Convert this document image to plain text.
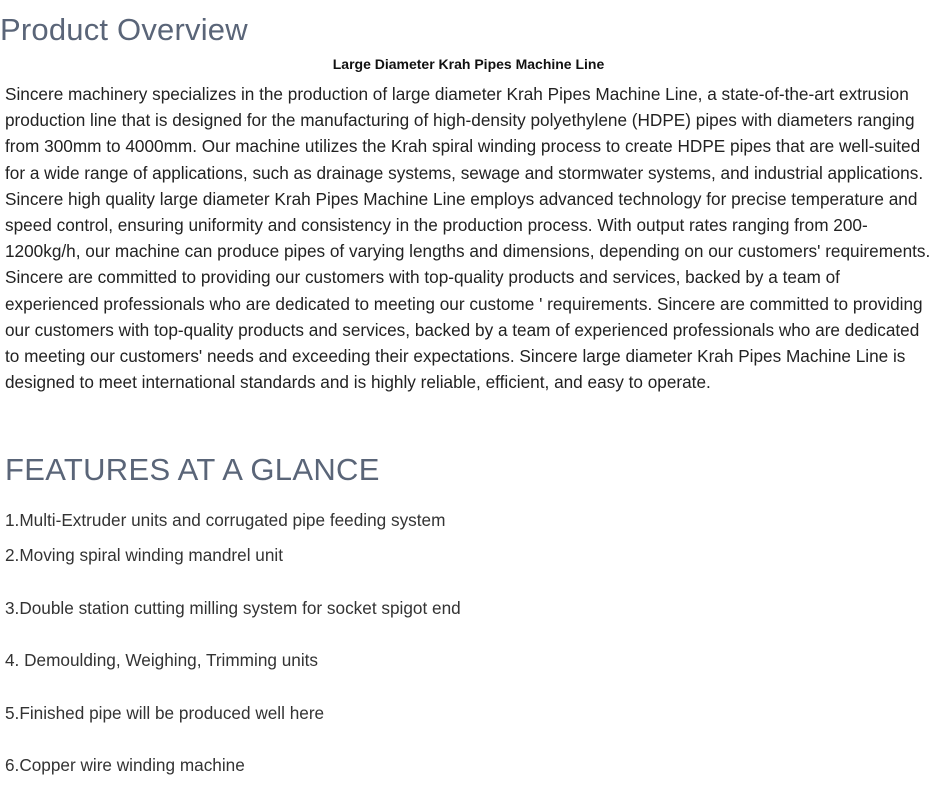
Product Overview
Large Diameter Krah Pipes Machine Line

Sincere machinery specializes in the production of large diameter Krah Pipes Machine Line, a state-of-the-art extrusion production line that is designed for the manufacturing of high-density polyethylene (HDPE) pipes with diameters ranging from 300mm to 4000mm. Our machine utilizes the Krah spiral winding process to create HDPE pipes that are well-suited for a wide range of applications, such as drainage systems, sewage and stormwater systems, and industrial applications. Sincere high quality large diameter Krah Pipes Machine Line employs advanced technology for precise temperature and speed control, ensuring uniformity and consistency in the production process. With output rates ranging from 200-1200kg/h, our machine can produce pipes of varying lengths and dimensions, depending on our customers' requirements. Sincere are committed to providing our customers with top-quality products and services, backed by a team of experienced professionals who are dedicated to meeting our custome ' requirements. Sincere are committed to providing our customers with top-quality products and services, backed by a team of experienced professionals who are dedicated to meeting our customers' needs and exceeding their expectations. Sincere large diameter Krah Pipes Machine Line is designed to meet international standards and is highly reliable, efficient, and easy to operate.

FEATURES AT A GLANCE

1.Multi-Extruder units and corrugated pipe feeding system

2.Moving spiral winding mandrel unit

3.Double station cutting milling system for socket spigot end

4. Demoulding, Weighing, Trimming units

5.Finished pipe will be produced well here

6.Copper wire winding machine
